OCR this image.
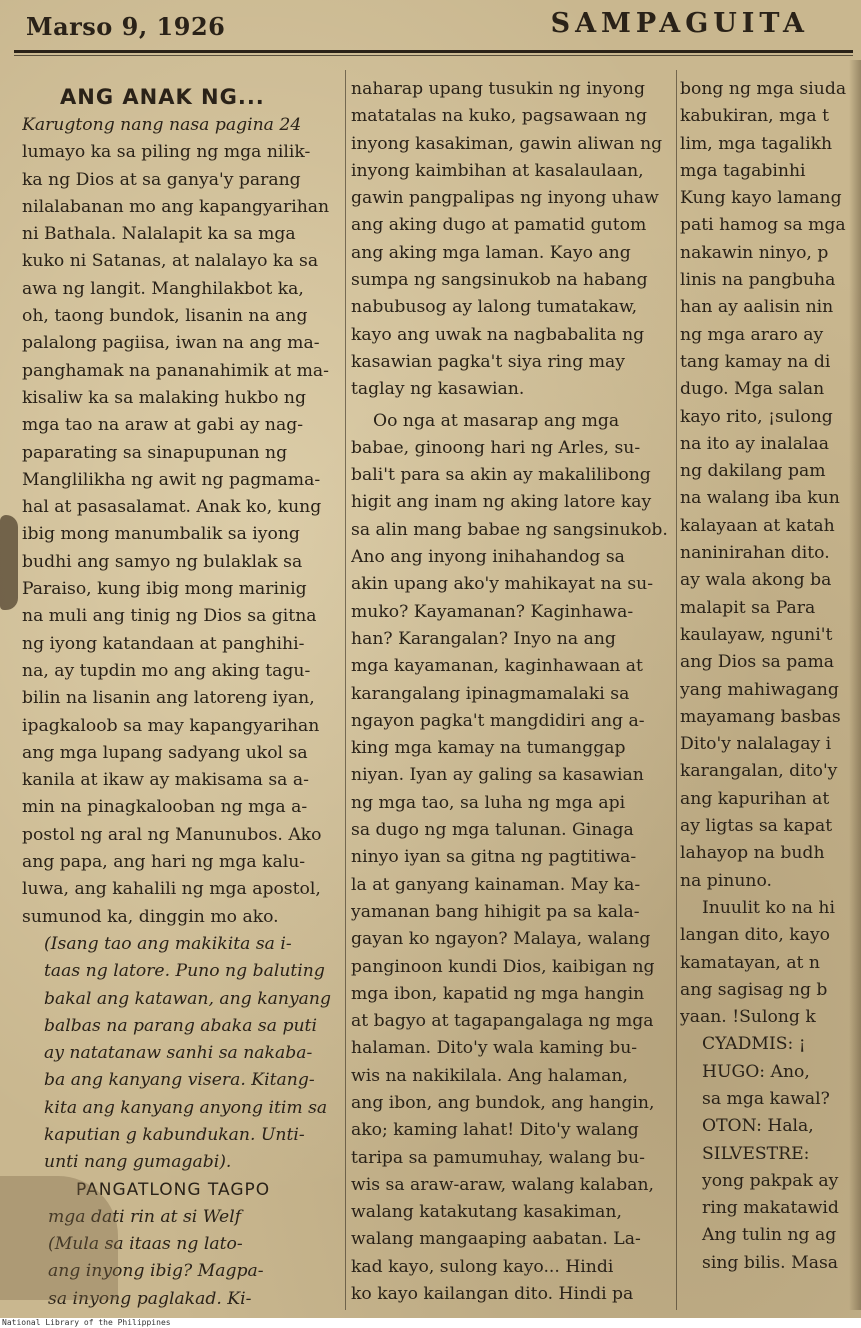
Marso 9, 1926	SAMPAGUITA
ANG ANAK NG...
Karugtong nang nasa pagina 24
lumayo ka sa piling ng mga nilik-
ka ng Dios at sa ganya'y parang
nilalabanan mo ang kapangyarihan
ni Bathala. Nalalapit ka sa mga
kuko ni Satanas, at nalalayo ka sa
awa ng langit. Manghilakbot ka,
oh, taong bundok, lisanin na ang
palalong pagiisa, iwan na ang ma-
panghamak na pananahimik at ma-
kisaliw ka sa malaking hukbo ng
mga tao na araw at gabi ay nag-
paparating sa sinapupunan ng
Manglilikha ng awit ng pagmama-
hal at pasasalamat. Anak ko, kung
ibig mong manumbalik sa iyong
budhi ang samyo ng bulaklak sa
Paraiso, kung ibig mong marinig
na muli ang tinig ng Dios sa gitna
ng iyong katandaan at panghihi-
na, ay tupdin mo ang aking tagu-
bilin na lisanin ang latoreng iyan,
ipagkaloob sa may kapangyarihan
ang mga lupang sadyang ukol sa
kanila at ikaw ay makisama sa a-
min na pinagkalooban ng mga a-
postol ng aral ng Manunubos. Ako
ang papa, ang hari ng mga kalu-
luwa, ang kahalili ng mga apostol,
sumunod ka, dinggin mo ako.
(Isang tao ang makikita sa i-
taas ng latore. Puno ng baluting
bakal ang katawan, ang kanyang
balbas na parang abaka sa puti
ay natatanaw sanhi sa nakaba-
ba ang kanyang visera. Kitang-
kita ang kanyang anyong itim sa
kaputian g kabundukan. Unti-
unti nang gumagabi).
PANGATLONG TAGPO
mga dati rin at si Welf
(Mula sa itaas ng lato-
ang inyong ibig? Magpa-
sa inyong paglakad. Ki-
naharap upang tusukin ng inyong
matatalas na kuko, pagsawaan ng
inyong kasakiman, gawin aliwan ng
inyong kaimbihan at kasalaulaan,
gawin pangpalipas ng inyong uhaw
ang aking dugo at pamatid gutom
ang aking mga laman. Kayo ang
sumpa ng sangsinukob na habang
nabubusog ay lalong tumatakaw,
kayo ang uwak na nagbabalita ng
kasawian pagka't siya ring may
taglay ng kasawian.
Oo nga at masarap ang mga
babae, ginoong hari ng Arles, su-
bali't para sa akin ay makalilibong
higit ang inam ng aking latore kay
sa alin mang babae ng sangsinukob.
Ano ang inyong inihahandog sa
akin upang ako'y mahikayat na su-
muko? Kayamanan? Kaginhawa-
han? Karangalan? Inyo na ang
mga kayamanan, kaginhawaan at
karangalang ipinagmamalaki sa
ngayon pagka't mangdidiri ang a-
king mga kamay na tumanggap
niyan. Iyan ay galing sa kasawian
ng mga tao, sa luha ng mga api
sa dugo ng mga talunan. Ginaga
ninyo iyan sa gitna ng pagtitiwa-
la at ganyang kainaman. May ka-
yamanan bang hihigit pa sa kala-
gayan ko ngayon? Malaya, walang
panginoon kundi Dios, kaibigan ng
mga ibon, kapatid ng mga hangin
at bagyo at tagapangalaga ng mga
halaman. Dito'y wala kaming bu-
wis na nakikilala. Ang halaman,
ang ibon, ang bundok, ang hangin,
ako; kaming lahat! Dito'y walang
taripa sa pamumuhay, walang bu-
wis sa araw-araw, walang kalaban,
walang katakutang kasakiman,
walang mangaaping aabatan. La-
kad kayo, sulong kayo... Hindi
ko kayo kailangan dito. Hindi pa
bong ng mga siuda
kabukiran, mga t
lim, mga tagalikh
mga tagabinhi
Kung kayo lamang
pati hamog sa mga
nakawin ninyo, p
linis na pangbuha
han ay aalisin nin
ng mga araro ay
tang kamay na di
dugo. Mga salan
kayo rito, ¡sulong
na ito ay inalalaa
ng dakilang pam
na walang iba kun
kalayaan at katah
naninirahan dito.
ay wala akong ba
malapit sa Para
kaulayaw, nguni't
ang Dios sa pama
yang mahiwagang
mayamang basbas
Dito'y nalalagay i
karangalan, dito'y
ang kapurihan at
ay ligtas sa kapat
lahayop na budh
na pinuno.
Inuulit ko na hi
langan dito, kayo
kamatayan, at n
ang sagisag ng b
yaan. !Sulong k
CYADMIS: ¡
HUGO: Ano,
sa mga kawal?
OTON: Hala,
SILVESTRE:
yong pakpak ay
ring makatawid
Ang tulin ng ag
sing bilis. Masa
National Library of the Philippines
